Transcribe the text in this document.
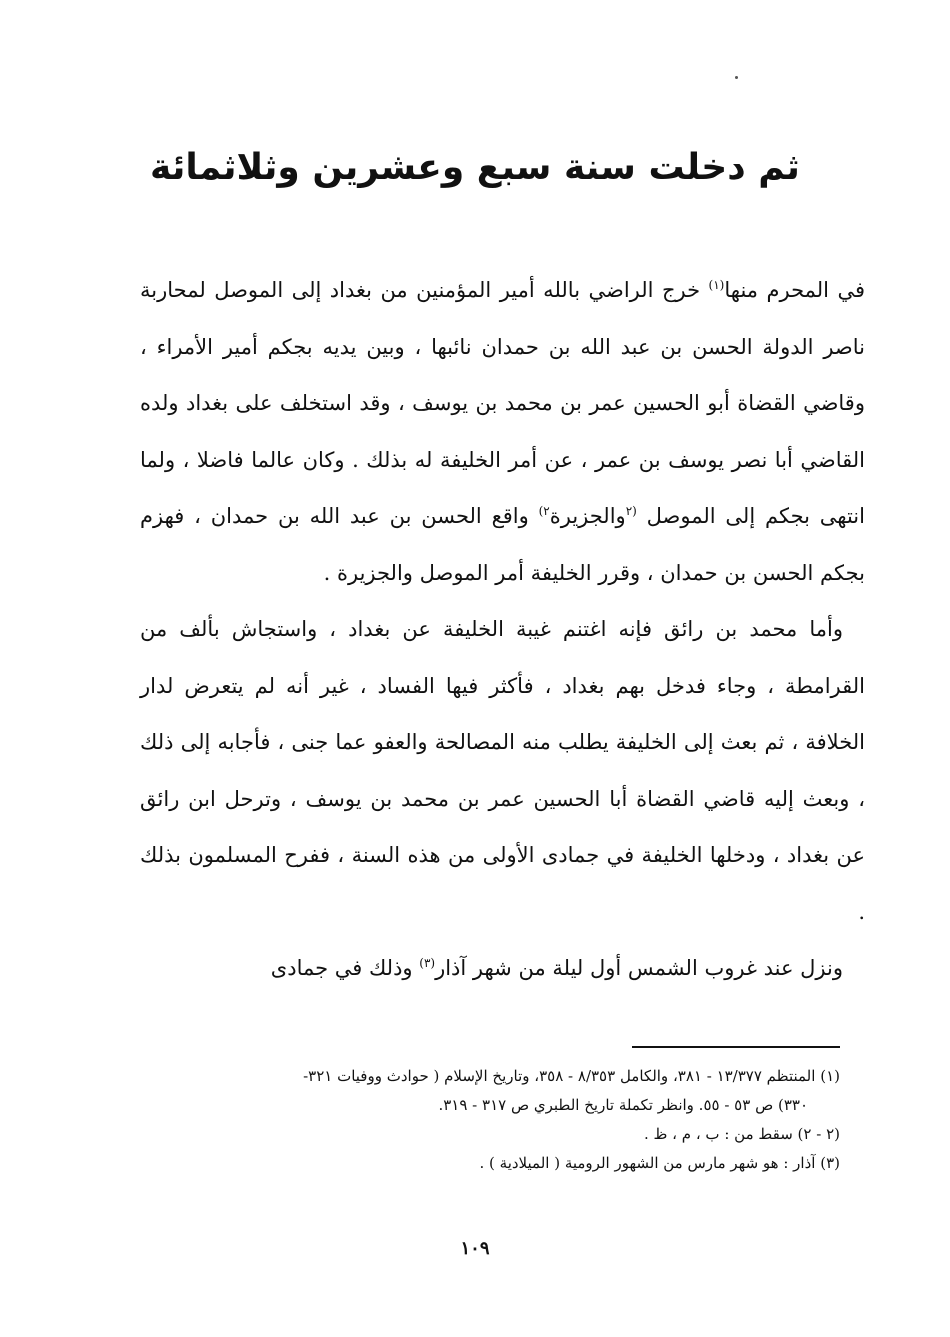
ثم دخلت سنة سبع وعشرين وثلاثمائة

في المحرم منها$^{(١)}$ خرج الراضي بالله أمير المؤمنين من بغداد إلى الموصل لمحاربة ناصر الدولة الحسن بن عبد الله بن حمدان نائبها ، وبين يديه بجكم أمير الأمراء ، وقاضي القضاة أبو الحسين عمر بن محمد بن يوسف ، وقد استخلف على بغداد ولده القاضي أبا نصر يوسف بن عمر ، عن أمر الخليفة له بذلك . وكان عالما فاضلا ، ولما انتهى بجكم إلى الموصل $^{(٢}$والجزيرة$^{٢)}$ واقع الحسن بن عبد الله بن حمدان ، فهزم بجكم الحسن بن حمدان ، وقرر الخليفة أمر الموصل والجزيرة .

وأما محمد بن رائق فإنه اغتنم غيبة الخليفة عن بغداد ، واستجاش بألف من القرامطة ، وجاء فدخل بهم بغداد ، فأكثر فيها الفساد ، غير أنه لم يتعرض لدار الخلافة ، ثم بعث إلى الخليفة يطلب منه المصالحة والعفو عما جنى ، فأجابه إلى ذلك ، وبعث إليه قاضي القضاة أبا الحسين عمر بن محمد بن يوسف ، وترحل ابن رائق عن بغداد ، ودخلها الخليفة في جمادى الأولى من هذه السنة ، ففرح المسلمون بذلك .

ونزل عند غروب الشمس أول ليلة من شهر آذار$^{(٣)}$ وذلك في جمادى

(١) المنتظم ١٣/٣٧٧ - ٣٨١، والكامل ٨/٣٥٣ - ٣٥٨، وتاريخ الإسلام ( حوادث ووفيات ٣٢١-

٣٣٠) ص ٥٣ - ٥٥. وانظر تكملة تاريخ الطبري ص ٣١٧ - ٣١٩.

(٢ - ٢) سقط من : ب ، م ، ظ .

(٣) آذار : هو شهر مارس من الشهور الرومية ( الميلادية ) .

١٠٩
